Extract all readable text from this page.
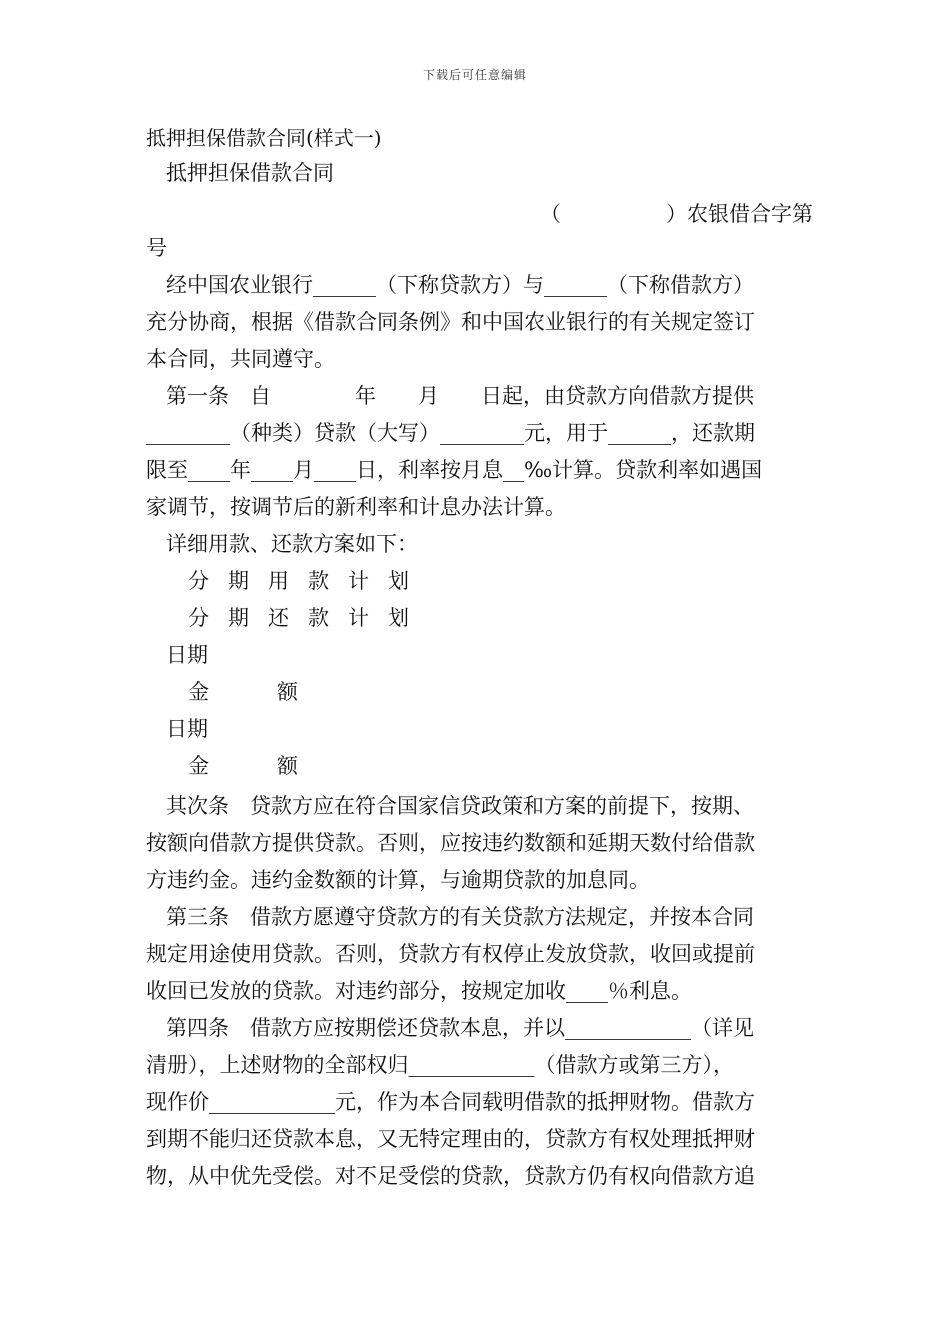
下载后可任意编辑
抵押担保借款合同(样式一)
抵押担保借款合同
（　　　　　）农银借合字第
号
经中国农业银行______（下称贷款方）与______（下称借款方）
充分协商，根据《借款合同条例》和中国农业银行的有关规定签订
本合同，共同遵守。
第一条　自　　　　年　　月　　日起，由贷款方向借款方提供
________（种类）贷款（大写）________元，用于______，还款期
限至____年____月____日，利率按月息__‰计算。贷款利率如遇国
家调节，按调节后的新利率和计息办法计算。
详细用款、还款方案如下：
分期用款计划
分期还款计划
日期
金	额
日期
金	额
其次条　贷款方应在符合国家信贷政策和方案的前提下，按期、
按额向借款方提供贷款。否则，应按违约数额和延期天数付给借款
方违约金。违约金数额的计算，与逾期贷款的加息同。
第三条　借款方愿遵守贷款方的有关贷款方法规定，并按本合同
规定用途使用贷款。否则，贷款方有权停止发放贷款，收回或提前
收回已发放的贷款。对违约部分，按规定加收____％利息。
第四条　借款方应按期偿还贷款本息，并以____________（详见
清册），上述财物的全部权归____________（借款方或第三方），
现作价____________元，作为本合同载明借款的抵押财物。借款方
到期不能归还贷款本息，又无特定理由的，贷款方有权处理抵押财
物，从中优先受偿。对不足受偿的贷款，贷款方仍有权向借款方追
